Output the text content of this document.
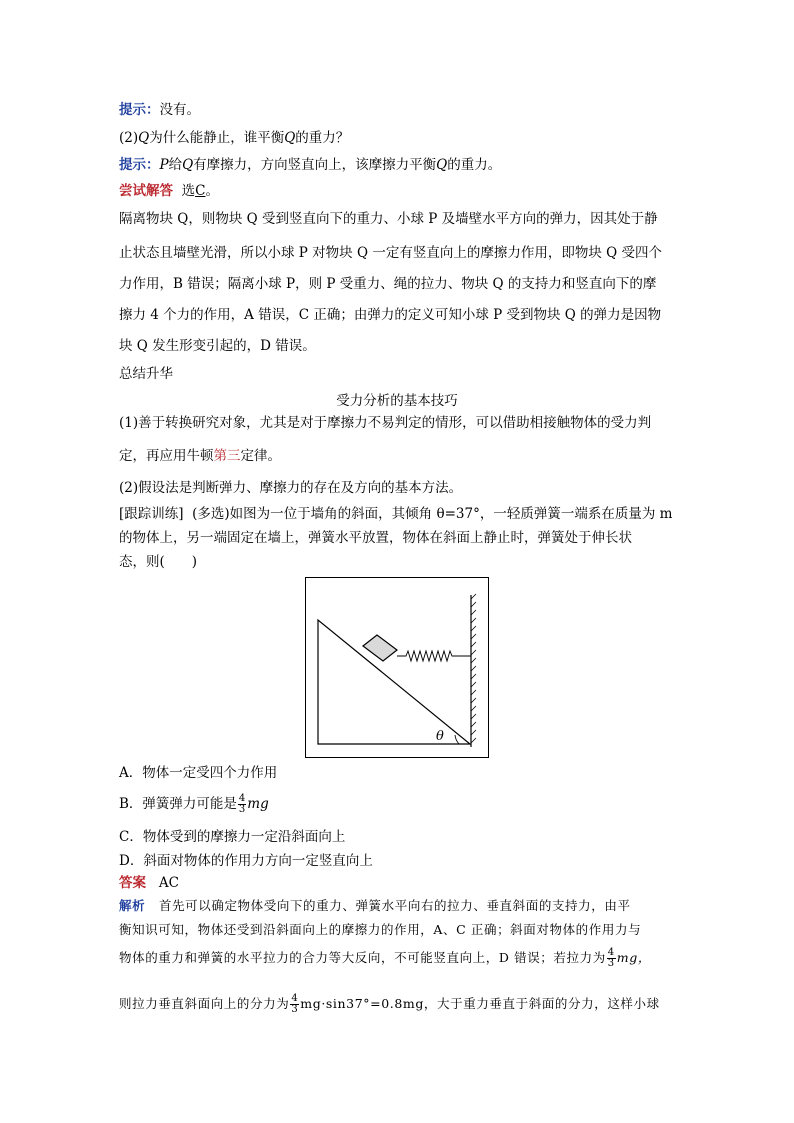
提示：没有。
(2)Q为什么能静止，谁平衡Q的重力？
提示：P给Q有摩擦力，方向竖直向上，该摩擦力平衡Q的重力。
尝试解答 选C。
隔离物块 Q，则物块 Q 受到竖直向下的重力、小球 P 及墙壁水平方向的弹力，因其处于静
止状态且墙壁光滑，所以小球 P 对物块 Q 一定有竖直向上的摩擦力作用，即物块 Q 受四个
力作用，B 错误；隔离小球 P，则 P 受重力、绳的拉力、物块 Q 的支持力和竖直向下的摩
擦力 4 个力的作用，A 错误，C 正确；由弹力的定义可知小球 P 受到物块 Q 的弹力是因物
块 Q 发生形变引起的，D 错误。
总结升华
受力分析的基本技巧
(1)善于转换研究对象，尤其是对于摩擦力不易判定的情形，可以借助相接触物体的受力判
定，再应用牛顿第三定律。
(2)假设法是判断弹力、摩擦力的存在及方向的基本方法。
[跟踪训练] (多选)如图为一位于墙角的斜面，其倾角 θ=37°，一轻质弹簧一端系在质量为 m
的物体上，另一端固定在墙上，弹簧水平放置，物体在斜面上静止时，弹簧处于伸长状
态，则(　　)
θ
A．物体一定受四个力作用
B．弹簧弹力可能是 $\frac{4}{3}$ mg
C．物体受到的摩擦力一定沿斜面向上
D．斜面对物体的作用力方向一定竖直向上
答案 AC
解析 首先可以确定物体受向下的重力、弹簧水平向右的拉力、垂直斜面的支持力，由平
衡知识可知，物体还受到沿斜面向上的摩擦力的作用，A、C 正确；斜面对物体的作用力与
物体的重力和弹簧的水平拉力的合力等大反向，不可能竖直向上，D 错误；若拉力为 $\frac{4}{3}$ mg，
则拉力垂直斜面向上的分力为 $\frac{4}{3} mg\cdot\sin 37^\circ=0.8mg$，大于重力垂直于斜面的分力，这样小球
